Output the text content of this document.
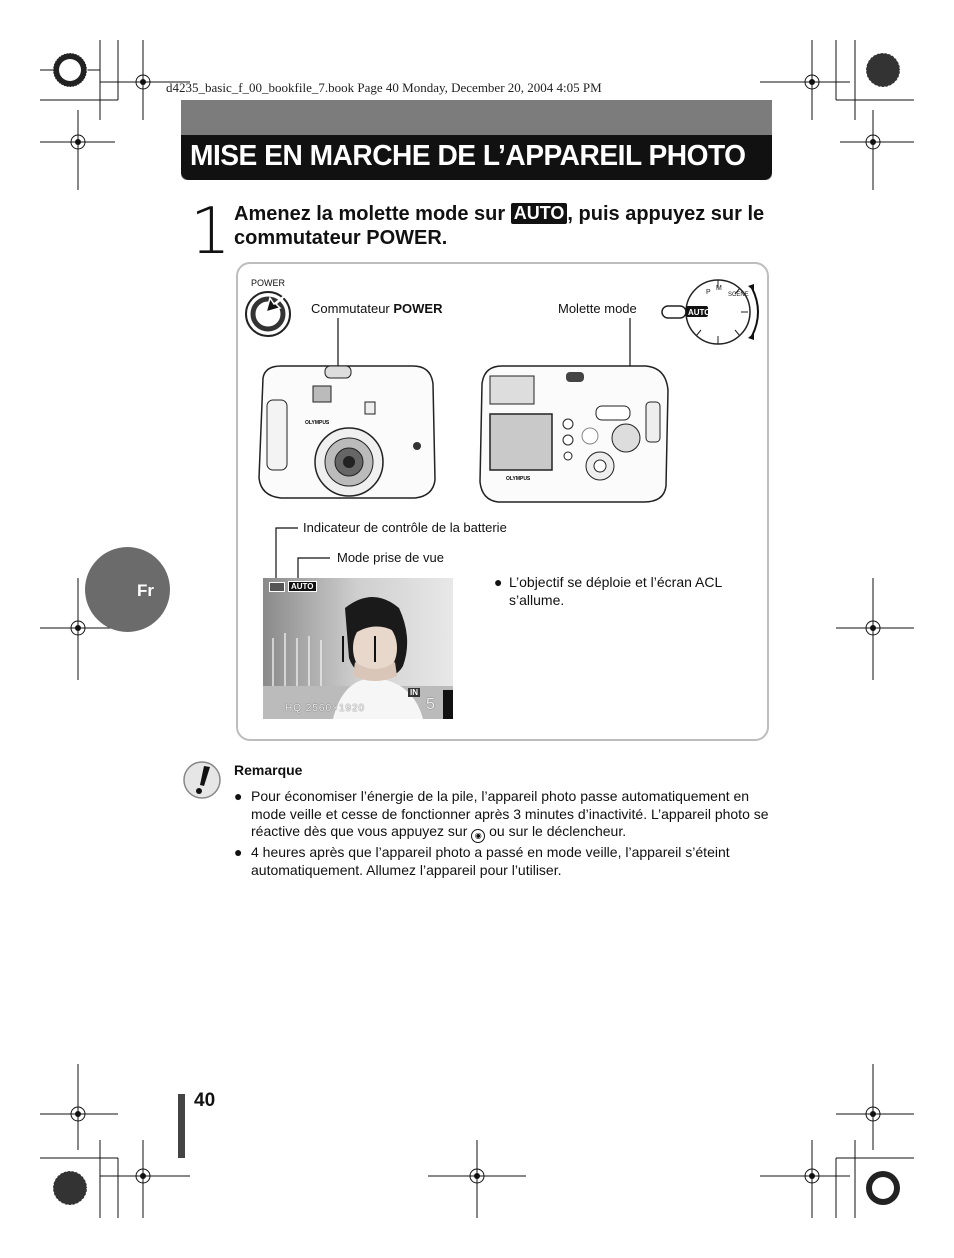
d4235_basic_f_00_bookfile_7.book Page 40 Monday, December 20, 2004 4:05 PM
MISE EN MARCHE DE L’APPAREIL PHOTO
1 Amenez la molette mode sur AUTO , puis appuyez sur le commutateur POWER.
POWER
Commutateur POWER	Molette mode	AUTO
P
M
SCENE
OLYMPUS
OLYMPUS
Indicateur de contrôle de la batterie
Mode prise de vue
AUTO
IN
HQ 2560×1920	5
● L’objectif se déploie et l’écran ACL s’allume.
Fr
Remarque
● Pour économiser l’énergie de la pile, l’appareil photo passe automatiquement en mode veille et cesse de fonctionner après 3 minutes d’inactivité. L’appareil photo se réactive dès que vous appuyez sur ◉ ou sur le déclencheur.
● 4 heures après que l’appareil photo a passé en mode veille, l’appareil s’éteint automatiquement. Allumez l’appareil pour l’utiliser.
40
